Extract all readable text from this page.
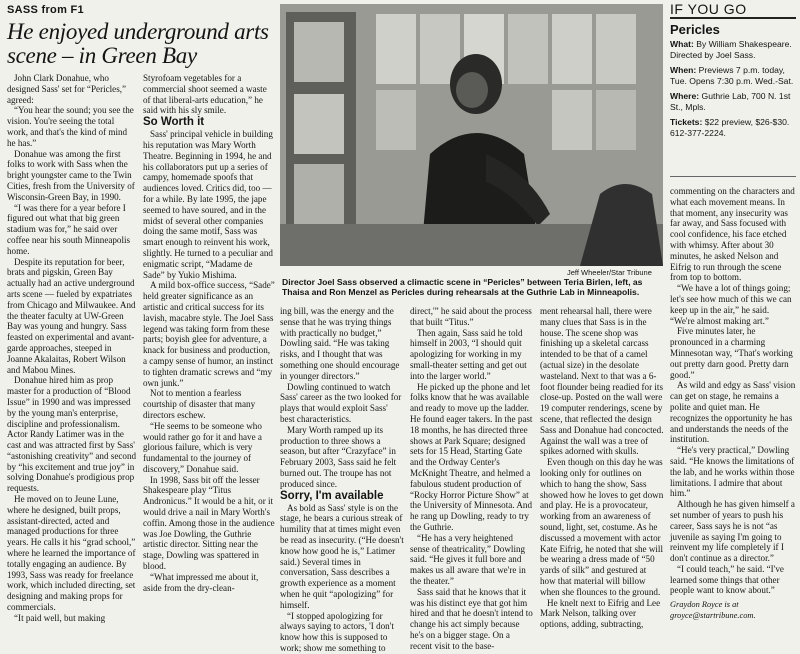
SASS from F1
He enjoyed underground arts scene – in Green Bay

John Clark Donahue, who designed Sass' set for “Pericles,” agreed:

“You hear the sound; you see the vision. You're seeing the total work, and that's the kind of mind he has.”

Donahue was among the first folks to work with Sass when the bright youngster came to the Twin Cities, fresh from the University of Wisconsin-Green Bay, in 1990.

“I was there for a year before I figured out what that big green stadium was for,” he said over coffee near his south Minneapolis home.

Despite its reputation for beer, brats and pigskin, Green Bay actually had an active underground arts scene — fueled by expatriates from Chicago and Milwaukee. And the theater faculty at UW-Green Bay was young and hungry. Sass feasted on experimental and avant-garde approaches, steeped in Joanne Akalaitas, Robert Wilson and Mabou Mines.

Donahue hired him as prop master for a production of “Blood Issue” in 1990 and was impressed by the young man's enterprise, discipline and professionalism. Actor Randy Latimer was in the cast and was attracted first by Sass' “astonishing creativity” and second by “his excitement and true joy” in solving Donahue's prodigious prop requests.

He moved on to Jeune Lune, where he designed, built props, assistant-directed, acted and managed productions for three years. He calls it his “grad school,” where he learned the importance of totally engaging an audience. By 1993, Sass was ready for freelance work, which included directing, set designing and making props for commercials.

“It paid well, but making

Styrofoam vegetables for a commercial shoot seemed a waste of that liberal-arts education,” he said with his sly smile.

So Worth it

Sass' principal vehicle in building his reputation was Mary Worth Theatre. Beginning in 1994, he and his collaborators put up a series of campy, homemade spoofs that audiences loved. Critics did, too — for a while. By late 1995, the jape seemed to have soured, and in the midst of several other companies doing the same motif, Sass was smart enough to reinvent his work, slightly. He turned to a peculiar and enigmatic script, “Madame de Sade” by Yukio Mishima.

A mild box-office success, “Sade” held greater significance as an artistic and critical success for its lavish, macabre style. The Joel Sass legend was taking form from these parts; boyish glee for adventure, a knack for business and production, a campy sense of humor, an instinct to tighten dramatic screws and “my own junk.”

Not to mention a fearless courtship of disaster that many directors eschew.

“He seems to be someone who would rather go for it and have a glorious failure, which is very fundamental to the journey of discovery,” Donahue said.

In 1998, Sass bit off the lesser Shakespeare play “Titus Andronicus.” It would be a hit, or it would drive a nail in Mary Worth's coffin. Among those in the audience was Joe Dowling, the Guthrie artistic director. Sitting near the stage, Dowling was spattered in blood.

“What impressed me about it, aside from the dry-clean-

Jeff Wheeler/Star Tribune
Director Joel Sass observed a climactic scene in “Pericles” between Teria Birlen, left, as Thaisa and Ron Menzel as Pericles during rehearsals at the Guthrie Lab in Minneapolis.

ing bill, was the energy and the sense that he was trying things with practically no budget,” Dowling said. “He was taking risks, and I thought that was something one should encourage in younger directors.”

Dowling continued to watch Sass' career as the two looked for plays that would exploit Sass' best characteristics.

Mary Worth ramped up its production to three shows a season, but after “Crazyface” in February 2003, Sass said he felt burned out. The troupe has not produced since.

Sorry, I'm available

As bold as Sass' style is on the stage, he bears a curious streak of humility that at times might even be read as insecurity. (“He doesn't know how good he is,” Latimer said.) Several times in conversation, Sass describes a growth experience as a moment when he quit “apologizing” for himself.

“I stopped apologizing for always saying to actors, 'I don't know how this is supposed to work; show me something to

direct,'” he said about the process that built “Titus.”

Then again, Sass said he told himself in 2003, “I should quit apologizing for working in my small-theater setting and get out into the larger world.”

He picked up the phone and let folks know that he was available and ready to move up the ladder. He found eager takers. In the past 18 months, he has directed three shows at Park Square; designed sets for 15 Head, Starting Gate and the Ordway Center's McKnight Theatre, and helmed a fabulous student production of “Rocky Horror Picture Show” at the University of Minnesota. And he rang up Dowling, ready to try the Guthrie.

“He has a very heightened sense of theatricality,” Dowling said. “He gives it full bore and makes us all aware that we're in the theater.”

Sass said that he knows that it was his distinct eye that got him hired and that he doesn't intend to change his act simply because he's on a bigger stage. On a recent visit to the base-

ment rehearsal hall, there were many clues that Sass is in the house. The scene shop was finishing up a skeletal carcass intended to be that of a camel (actual size) in the desolate wasteland. Next to that was a 6-foot flounder being readied for its close-up. Posted on the wall were 19 computer renderings, scene by scene, that reflected the design Sass and Donahue had concocted. Against the wall was a tree of spikes adorned with skulls.

Even though on this day he was looking only for outlines on which to hang the show, Sass showed how he loves to get down and play. He is a provocateur, working from an awareness of sound, light, set, costume. As he discussed a movement with actor Kate Eifrig, he noted that she will be wearing a dress made of “50 yards of silk” and gestured at how that material will billow when she flounces to the ground.

He knelt next to Eifrig and Lee Mark Nelson, talking over options, adding, subtracting,

IF YOU GO
Pericles

What: By William Shakespeare. Directed by Joel Sass.

When: Previews 7 p.m. today, Tue. Opens 7:30 p.m. Wed.-Sat.

Where: Guthrie Lab, 700 N. 1st St., Mpls.

Tickets: $22 preview, $26-$30. 612-377-2224.

commenting on the characters and what each movement means. In that moment, any insecurity was far away, and Sass focused with cool confidence, his face etched with whimsy. After about 30 minutes, he asked Nelson and Eifrig to run through the scene from top to bottom.

“We have a lot of things going; let's see how much of this we can keep up in the air,” he said. “We're almost making art.”

Five minutes later, he pronounced in a charming Minnesotan way, “That's working out pretty darn good. Pretty darn good.”

As wild and edgy as Sass' vision can get on stage, he remains a polite and quiet man. He recognizes the opportunity he has and understands the needs of the institution.

“He's very practical,” Dowling said. “He knows the limitations of the lab, and he works within those limitations. I admire that about him.”

Although he has given himself a set number of years to push his career, Sass says he is not “as juvenile as saying I'm going to reinvent my life completely if I don't continue as a director.”

“I could teach,” he said. “I've learned some things that other people want to know about.”

Graydon Royce is at groyce@startribune.com.
